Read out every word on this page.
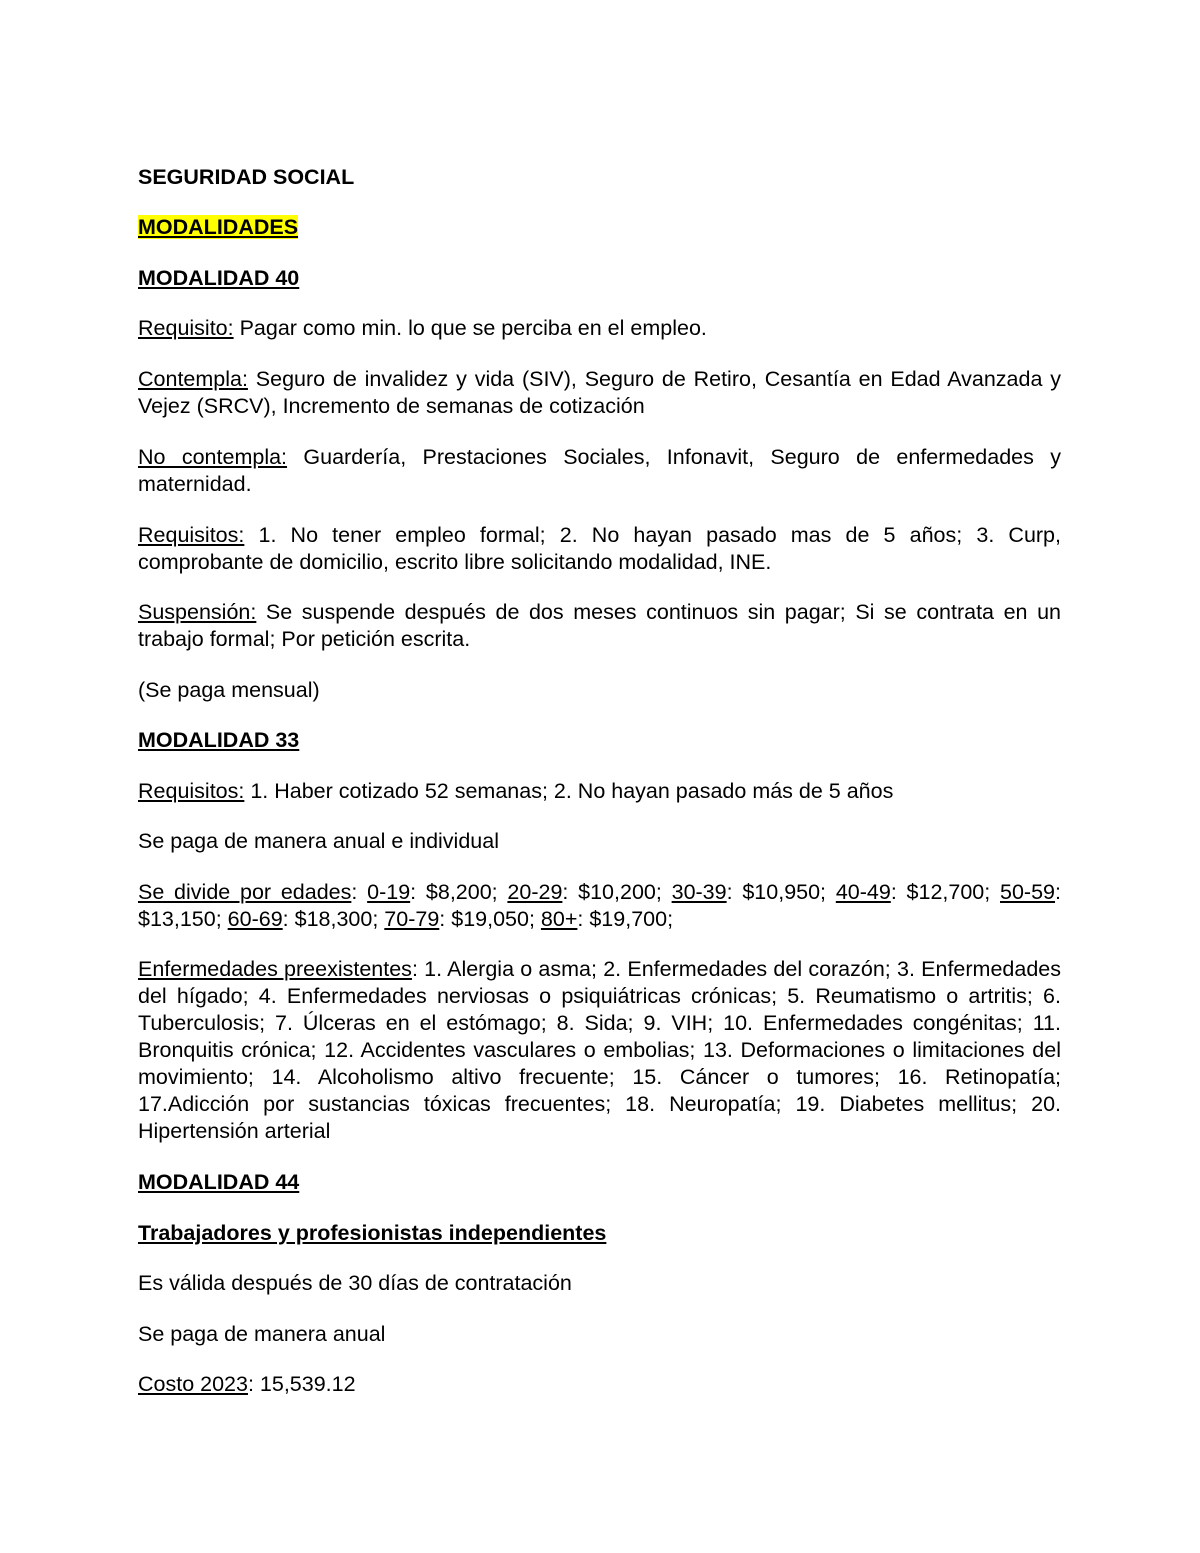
SEGURIDAD SOCIAL

MODALIDADES

MODALIDAD 40

Requisito: Pagar como min. lo que se perciba en el empleo.

Contempla: Seguro de invalidez y vida (SIV), Seguro de Retiro, Cesantía en Edad Avanzada y Vejez (SRCV), Incremento de semanas de cotización

No contempla: Guardería, Prestaciones Sociales, Infonavit, Seguro de enfermedades y maternidad.

Requisitos: 1. No tener empleo formal; 2. No hayan pasado mas de 5 años; 3. Curp, comprobante de domicilio, escrito libre solicitando modalidad, INE.

Suspensión: Se suspende después de dos meses continuos sin pagar; Si se contrata en un trabajo formal; Por petición escrita.

(Se paga mensual)

MODALIDAD 33

Requisitos: 1. Haber cotizado 52 semanas; 2. No hayan pasado más de 5 años

Se paga de manera anual e individual

Se divide por edades: 0-19: $8,200; 20-29: $10,200; 30-39: $10,950; 40-49: $12,700; 50-59: $13,150; 60-69: $18,300; 70-79: $19,050; 80+: $19,700;

Enfermedades preexistentes: 1. Alergia o asma; 2. Enfermedades del corazón; 3. Enfermedades del hígado; 4. Enfermedades nerviosas o psiquiátricas crónicas; 5. Reumatismo o artritis; 6. Tuberculosis; 7. Úlceras en el estómago; 8. Sida; 9. VIH; 10. Enfermedades congénitas; 11. Bronquitis crónica; 12. Accidentes vasculares o embolias; 13. Deformaciones o limitaciones del movimiento; 14. Alcoholismo altivo frecuente; 15. Cáncer o tumores; 16. Retinopatía; 17.Adicción por sustancias tóxicas frecuentes; 18. Neuropatía; 19. Diabetes mellitus; 20. Hipertensión arterial

MODALIDAD 44

Trabajadores y profesionistas independientes

Es válida después de 30 días de contratación

Se paga de manera anual

Costo 2023: 15,539.12
